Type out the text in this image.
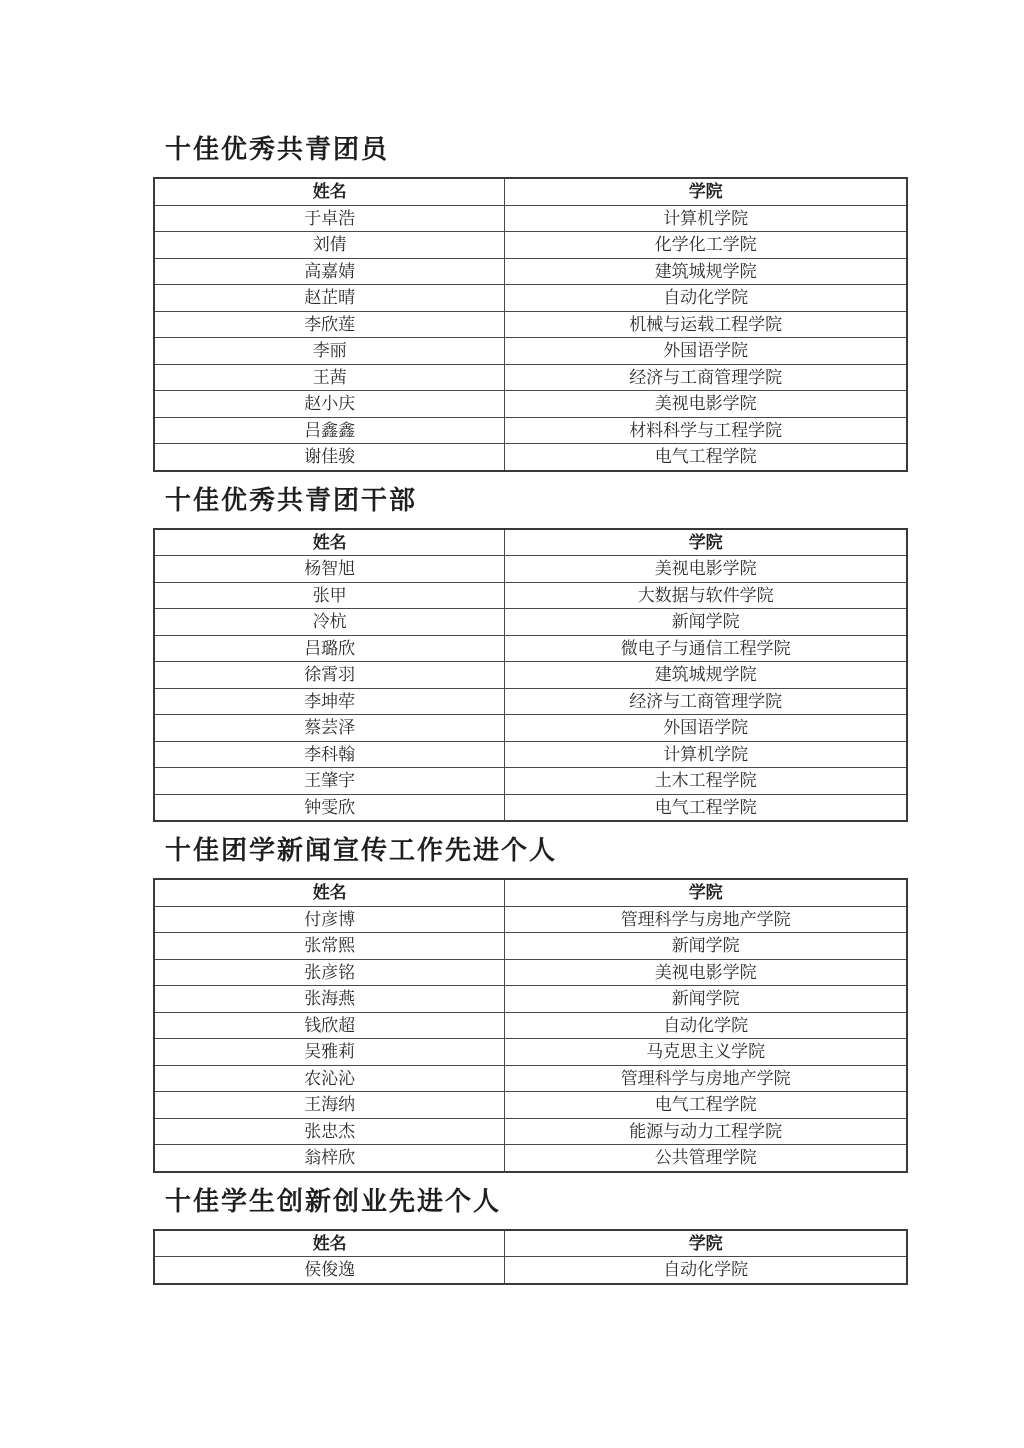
十佳优秀共青团员
姓名	学院
于卓浩	计算机学院
刘倩	化学化工学院
高嘉婧	建筑城规学院
赵芷晴	自动化学院
李欣莲	机械与运载工程学院
李丽	外国语学院
王茜	经济与工商管理学院
赵小庆	美视电影学院
吕鑫鑫	材料科学与工程学院
谢佳骏	电气工程学院
十佳优秀共青团干部
姓名	学院
杨智旭	美视电影学院
张甲	大数据与软件学院
冷杭	新闻学院
吕璐欣	微电子与通信工程学院
徐霄羽	建筑城规学院
李坤荦	经济与工商管理学院
蔡芸泽	外国语学院
李科翰	计算机学院
王肇宇	土木工程学院
钟雯欣	电气工程学院
十佳团学新闻宣传工作先进个人
姓名	学院
付彦博	管理科学与房地产学院
张常熙	新闻学院
张彦铭	美视电影学院
张海燕	新闻学院
钱欣超	自动化学院
吴雅莉	马克思主义学院
农沁沁	管理科学与房地产学院
王海纳	电气工程学院
张忠杰	能源与动力工程学院
翁梓欣	公共管理学院
十佳学生创新创业先进个人
姓名	学院
侯俊逸	自动化学院
